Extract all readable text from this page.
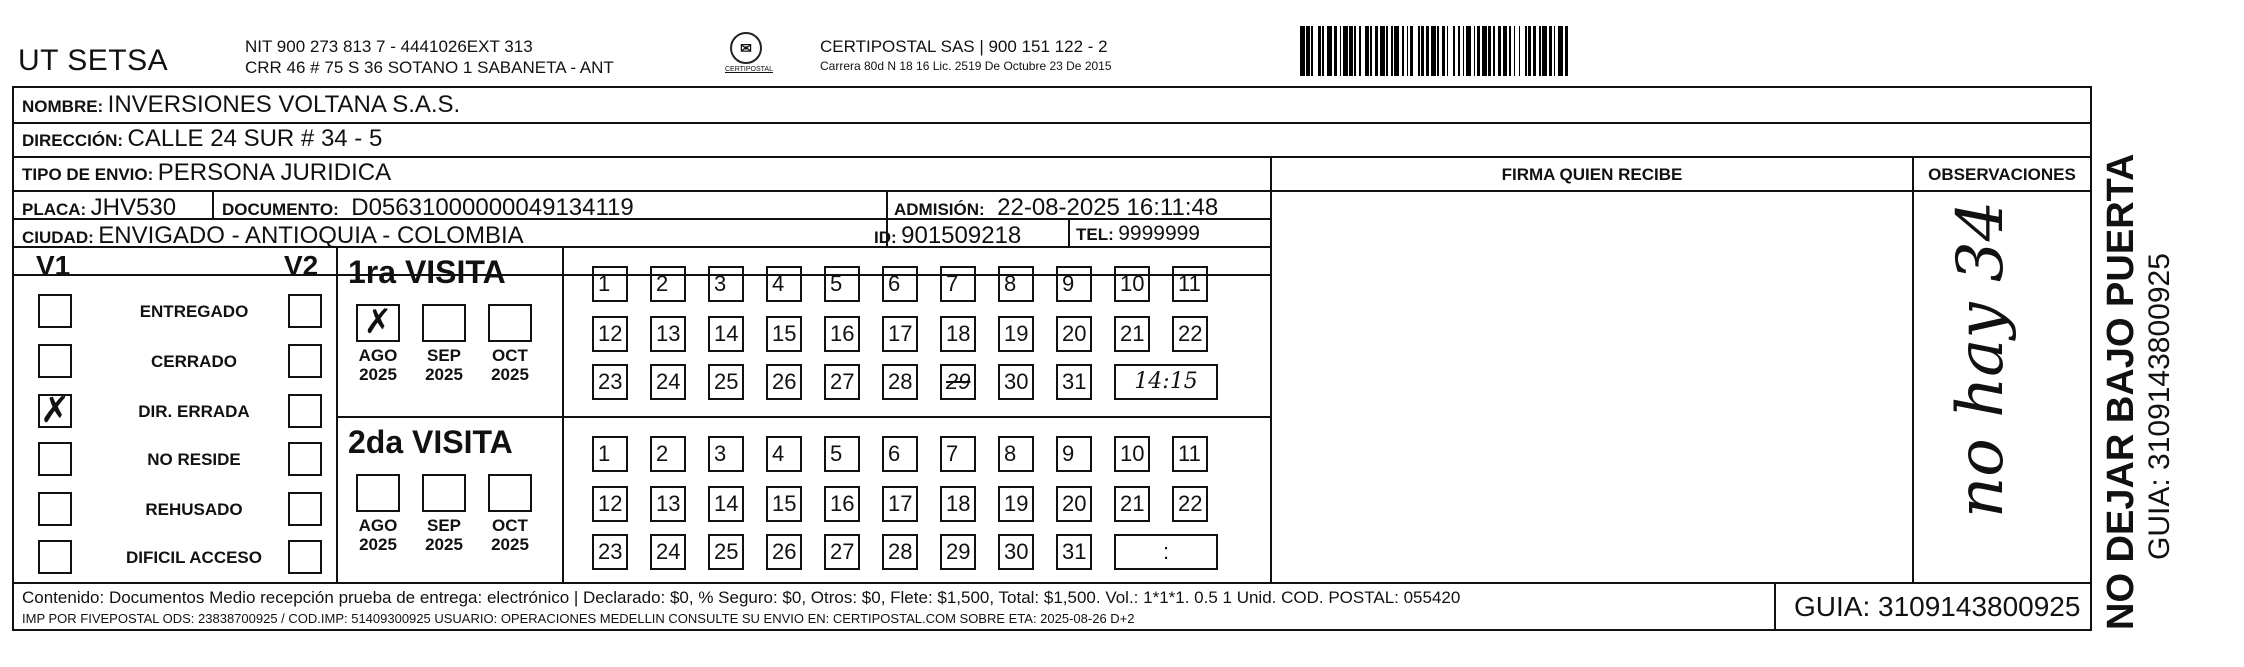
UT SETSA	NIT 900 273 813 7 - 4441026EXT 313
CRR 46 # 75 S 36 SOTANO 1 SABANETA - ANT
✉
CERTIPOSTAL
CERTIPOSTAL SAS | 900 151 122 - 2
Carrera 80d N 18 16 Lic. 2519 De Octubre 23 De 2015
NOMBRE: INVERSIONES VOLTANA S.A.S.
DIRECCIÓN: CALLE 24 SUR # 34 - 5
TIPO DE ENVIO: PERSONA JURIDICA	FIRMA QUIEN RECIBE	OBSERVACIONES
PLACA: JHV530	DOCUMENTO: D05631000000049134119	ADMISIÓN: 22-08-2025 16:11:48
CIUDAD: ENVIGADO - ANTIOQUIA - COLOMBIA	ID: 901509218	TEL: 9999999
V1	V2
ENTREGADO
CERRADO
✗	DIR. ERRADA
NO RESIDE
REHUSADO
DIFICIL ACCESO
1ra VISITA
✗
AGO
2025
SEP
2025
OCT
2025
1	2	3	4	5	6	7	8	9	10 11
12 13 14 15 16 17 18 19 20 21 22
23 24 25 26 27 28 29 30 31	14:15
2da VISITA
AGO
2025
SEP
2025
OCT
2025
1	2	3	4	5	6	7	8	9	10 11
12 13 14 15 16 17 18 19 20 21 22
23 24 25 26 27 28 29 30 31	:
no hay 34
Contenido: Documentos Medio recepción prueba de entrega: electrónico | Declarado: $0, % Seguro: $0, Otros: $0, Flete: $1,500, Total: $1,500. Vol.: 1*1*1. 0.5 1 Unid. COD. POSTAL: 055420
IMP POR FIVEPOSTAL ODS: 23838700925 / COD.IMP: 51409300925 USUARIO: OPERACIONES MEDELLIN CONSULTE SU ENVIO EN: CERTIPOSTAL.COM SOBRE ETA: 2025-08-26 D+2	GUIA: 3109143800925 NO DEJAR BAJO PUERTA GUIA: 3109143800925
